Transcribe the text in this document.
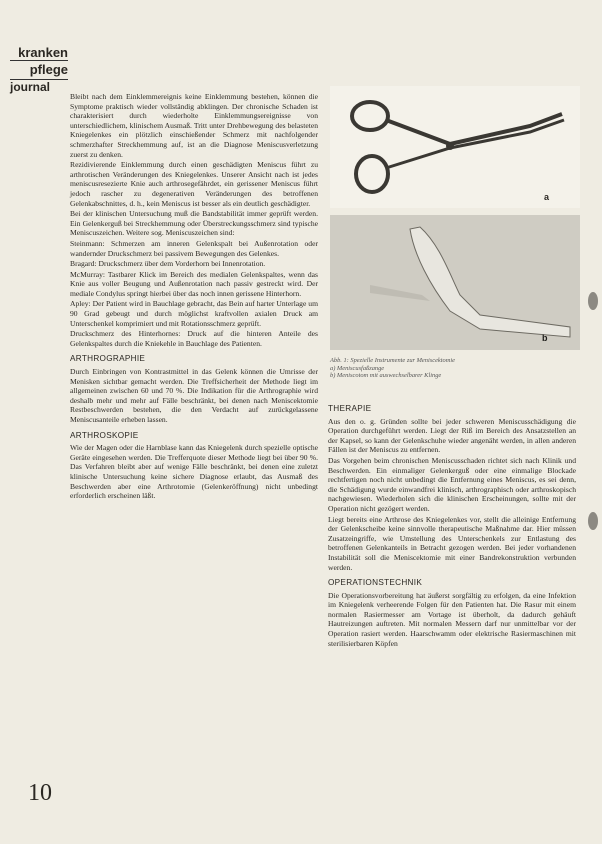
kranken
pflege
journal

Bleibt nach dem Einklemmereignis keine Einklemmung bestehen, können die Symptome praktisch wieder vollständig abklingen. Der chronische Schaden ist charakterisiert durch wiederholte Einklemmungsereignisse von unterschiedlichem, klinischem Ausmaß. Tritt unter Drehbewegung des belasteten Kniegelenkes ein plötzlich einschießender Schmerz mit nachfolgender schmerzhafter Streckhemmung auf, ist an die Diagnose Meniscusverletzung zuerst zu denken.

Rezidivierende Einklemmung durch einen geschädigten Meniscus führt zu arthrotischen Veränderungen des Kniegelenkes. Unserer Ansicht nach ist jedes meniscusresezierte Knie auch arthrosegefährdet, ein gerissener Meniscus führt jedoch rascher zu degenerativen Veränderungen des betroffenen Gelenkabschnittes, d. h., kein Meniscus ist besser als ein deutlich geschädigter.

Bei der klinischen Untersuchung muß die Bandstabilität immer geprüft werden. Ein Gelenkerguß bei Streckhemmung oder Überstreckungsschmerz sind typische Meniscuszeichen. Weitere sog. Meniscuszeichen sind:

Steinmann: Schmerzen am inneren Gelenkspalt bei Außenrotation oder wandernder Druckschmerz bei passivem Bewegungen des Gelenkes.

Bragard: Druckschmerz über dem Vorderhorn bei Innenrotation.

McMurray: Tastbarer Klick im Bereich des medialen Gelenkspaltes, wenn das Knie aus voller Beugung und Außenrotation nach passiv gestreckt wird. Der mediale Condylus springt hierbei über das noch innen gerissene Hinterhorn.

Apley: Der Patient wird in Bauchlage gebracht, das Bein auf harter Unterlage um 90 Grad gebeugt und durch möglichst kraftvollen axialen Druck am Unterschenkel komprimiert und mit Rotationsschmerz geprüft.

Druckschmerz des Hinterhornes: Druck auf die hinteren Anteile des Gelenkspaltes durch die Kniekehle in Bauchlage des Patienten.

ARTHROGRAPHIE

Durch Einbringen von Kontrastmittel in das Gelenk können die Umrisse der Menisken sichtbar gemacht werden. Die Treffsicherheit der Methode liegt im allgemeinen zwischen 60 und 70 %. Die Indikation für die Arthrographie wird deshalb mehr und mehr auf Fälle beschränkt, bei denen nach Meniscektomie Restbeschwerden bestehen, die den Verdacht auf zurückgelassene Meniscusanteile erheben lassen.

ARTHROSKOPIE

Wie der Magen oder die Harnblase kann das Kniegelenk durch spezielle optische Geräte eingesehen werden. Die Trefferquote dieser Methode liegt bei über 90 %. Das Verfahren bleibt aber auf wenige Fälle beschränkt, bei denen eine zuletzt klinische Untersuchung keine sichere Diagnose erlaubt, das Ausmaß des Beschwerden aber eine Arthrotomie (Gelenkeröffnung) nicht unbedingt erforderlich erscheinen läßt.

10
a
b
Abb. 1: Spezielle Instrumente zur Meniscektomie
a) Meniscusfaßzange
b) Meniscotom mit auswechselbarer Klinge
THERAPIE

Aus den o. g. Gründen sollte bei jeder schweren Meniscusschädigung die Operation durchgeführt werden. Liegt der Riß im Bereich des Ansatzstellen an der Kapsel, so kann der Gelenkschuhe wieder angenäht werden, in allen anderen Fällen ist der Meniscus zu entfernen.

Das Vorgehen beim chronischen Meniscusschaden richtet sich nach Klinik und Beschwerden. Ein einmaliger Gelenkerguß oder eine einmalige Blockade rechtfertigen noch nicht unbedingt die Entfernung eines Meniscus, es sei denn, die Schädigung wurde einwandfrei klinisch, arthrographisch oder arthroskopisch nachgewiesen. Wiederholen sich die klinischen Erscheinungen, sollte mit der Operation nicht gezögert werden.

Liegt bereits eine Arthrose des Kniegelenkes vor, stellt die alleinige Entfernung der Gelenkscheibe keine sinnvolle therapeutische Maßnahme dar. Hier müssen Zusatzeingriffe, wie Umstellung des Unterschenkels zur Entlastung des betroffenen Gelenkanteils in Betracht gezogen werden. Bei jeder vorhandenen Instabilität soll die Meniscektomie mit einer Bandrekonstruktion verbunden werden.

OPERATIONSTECHNIK

Die Operationsvorbereitung hat äußerst sorgfältig zu erfolgen, da eine Infektion im Kniegelenk verheerende Folgen für den Patienten hat. Die Rasur mit einem normalen Rasiermesser am Vortage ist überholt, da dadurch gehäuft Hautreizungen auftreten. Mit normalen Messern darf nur unmittelbar vor der Operation rasiert werden. Haarschwamm oder elektrische Rasiermaschinen mit sterilisierbaren Köpfen
